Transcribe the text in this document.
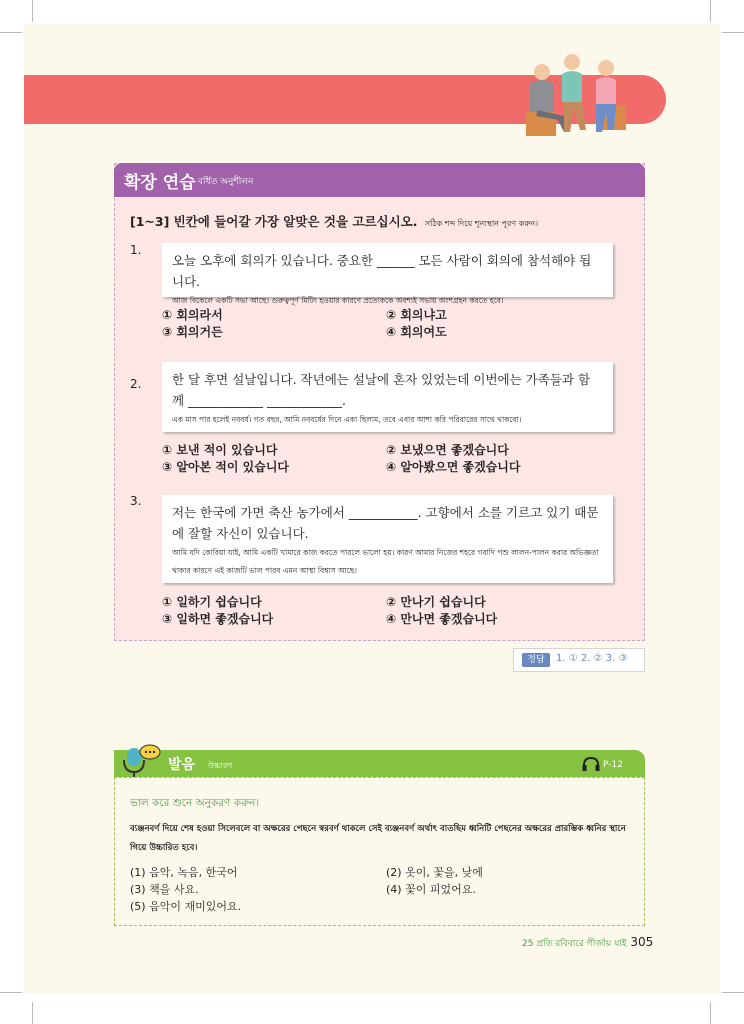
확장 연습 বর্ধিত অনুশীলন
[1~3] 빈칸에 들어갈 가장 알맞은 것을 고르십시오. সঠিক শব্দ দিয়ে শূন্যস্থান পূরণ করুন।
1.
오늘 오후에 회의가 있습니다. 중요한 ______ 모든 사람이 회의에 참석해야 됩니다.
আজ বিকেলে একটি সভা আছে। গুরুত্বপূর্ণ মিটিং হওয়ার কারণে প্রত্যেককে অবশ্যই সভায় অংশগ্রহন করতে হবে।
① 회의라서	② 회의냐고
③ 회의거든	④ 회의여도
2. 한 달 후면 설날입니다. 작년에는 설날에 혼자 있었는데 이번에는 가족들과 함께 ____________ ____________.
এক মাস পার হলেই নববর্ষ। গত বছর, আমি নববর্ষের দিনে একা ছিলাম, তবে এবার আশা করি পরিবারের সাথে থাকবো।
① 보낸 적이 있습니다	② 보냈으면 좋겠습니다
③ 알아본 적이 있습니다	④ 알아봤으면 좋겠습니다
3.
저는 한국에 가면 축산 농가에서 ___________. 고향에서 소를 기르고 있기 때문에 잘할 자신이 있습니다.
আমি যদি কোরিয়া যাই, আমি একটি খামারে কাজ করতে পারলে ভালো হয়। কারণ আমার নিজের শহরে গবাদি পশু লালন-পালন করার অভিজ্ঞতা থাকার কারণে এই কাজটি ভাল পারব এমন আস্থা বিশ্বাস আছে।
① 일하기 쉽습니다	② 만나기 쉽습니다
③ 일하면 좋겠습니다	④ 만나면 좋겠습니다
정답	1. ① 2. ② 3. ③
발음 উচ্চারণ	P-12
ভাল করে শুনে অনুকরণ করুন।
ব্যঞ্জনবর্ণ দিয়ে শেষ হওয়া সিলেবলে বা অক্ষরের পেছনে স্বরবর্ণ থাকলে সেই ব্যঞ্জনবর্ণ অর্থাৎ বাতছিম ধ্বনিটি পেছনের অক্ষরের প্রারম্ভিক ধ্বনির স্থানে গিয়ে উচ্চারিত হবে।
(1) 음악, 녹음, 한국어	(2) 옷이, 꽃을, 낮에
(3) 책을 사요.	(4) 꽃이 피었어요.
(5) 음악이 재미있어요.
25 প্রতি রবিবারে গীর্জায় যাই 305
